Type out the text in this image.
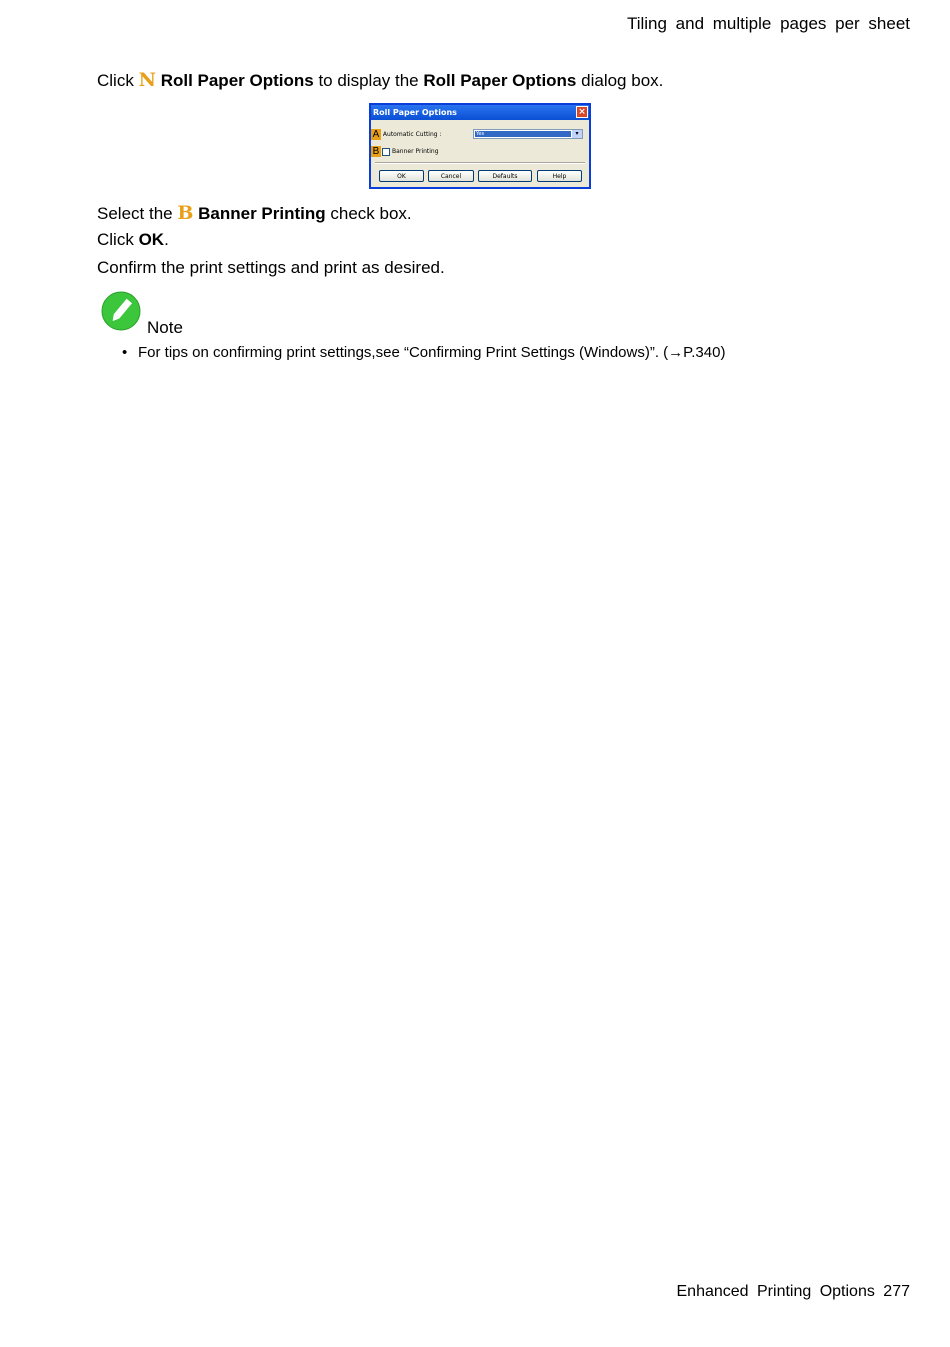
Tiling and multiple pages per sheet
Click N Roll Paper Options to display the Roll Paper Options dialog box.
Roll Paper Options	×
A Automatic Cutting :	Yes	▾
B Banner Printing
OK	Cancel	Defaults	Help
Select the B Banner Printing check box.
Click OK.
Confirm the print settings and print as desired.
Note
• For tips on confirming print settings,see “Confirming Print Settings (Windows)”. (→P.340)
Enhanced Printing Options 277
